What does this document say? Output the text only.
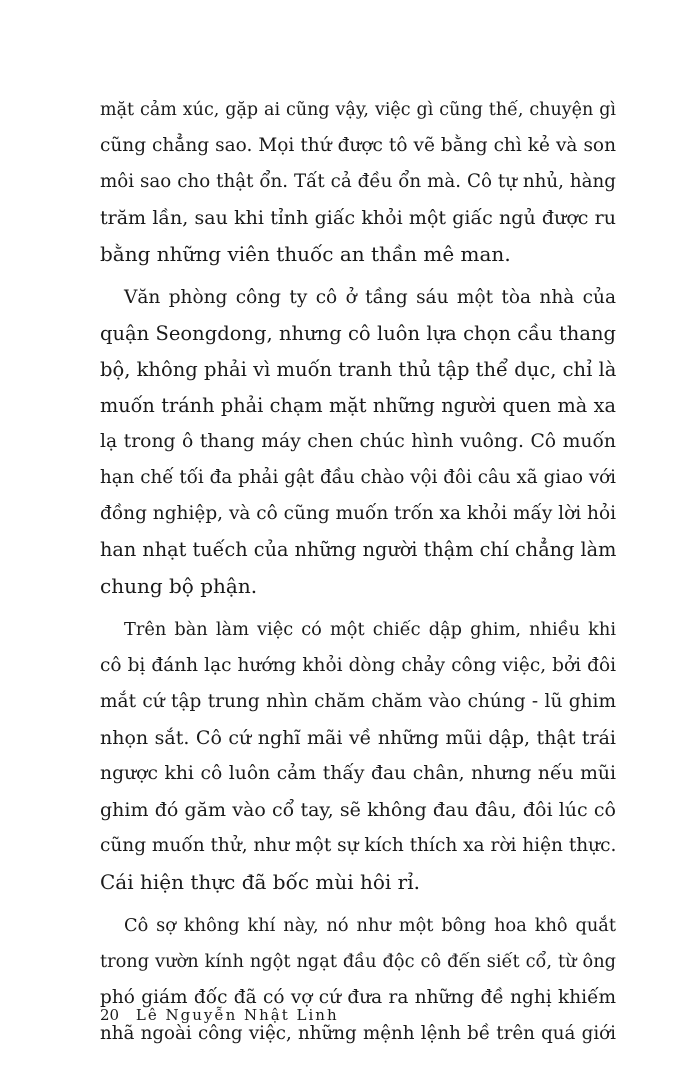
mặt cảm xúc, gặp ai cũng vậy, việc gì cũng thế, chuyện gì
cũng chẳng sao. Mọi thứ được tô vẽ bằng chì kẻ và son
môi sao cho thật ổn. Tất cả đều ổn mà. Cô tự nhủ, hàng
trăm lần, sau khi tỉnh giấc khỏi một giấc ngủ được ru
bằng những viên thuốc an thần mê man.

Văn phòng công ty cô ở tầng sáu một tòa nhà của
quận Seongdong, nhưng cô luôn lựa chọn cầu thang
bộ, không phải vì muốn tranh thủ tập thể dục, chỉ là
muốn tránh phải chạm mặt những người quen mà xa
lạ trong ô thang máy chen chúc hình vuông. Cô muốn
hạn chế tối đa phải gật đầu chào vội đôi câu xã giao với
đồng nghiệp, và cô cũng muốn trốn xa khỏi mấy lời hỏi
han nhạt tuếch của những người thậm chí chẳng làm
chung bộ phận.

Trên bàn làm việc có một chiếc dập ghim, nhiều khi
cô bị đánh lạc hướng khỏi dòng chảy công việc, bởi đôi
mắt cứ tập trung nhìn chăm chăm vào chúng - lũ ghim
nhọn sắt. Cô cứ nghĩ mãi về những mũi dập, thật trái
ngược khi cô luôn cảm thấy đau chân, nhưng nếu mũi
ghim đó găm vào cổ tay, sẽ không đau đâu, đôi lúc cô
cũng muốn thử, như một sự kích thích xa rời hiện thực.
Cái hiện thực đã bốc mùi hôi rỉ.

Cô sợ không khí này, nó như một bông hoa khô quắt
trong vườn kính ngột ngạt đầu độc cô đến siết cổ, từ ông
phó giám đốc đã có vợ cứ đưa ra những đề nghị khiếm
nhã ngoài công việc, những mệnh lệnh bề trên quá giới

20 Lê Nguyễn Nhật Linh
